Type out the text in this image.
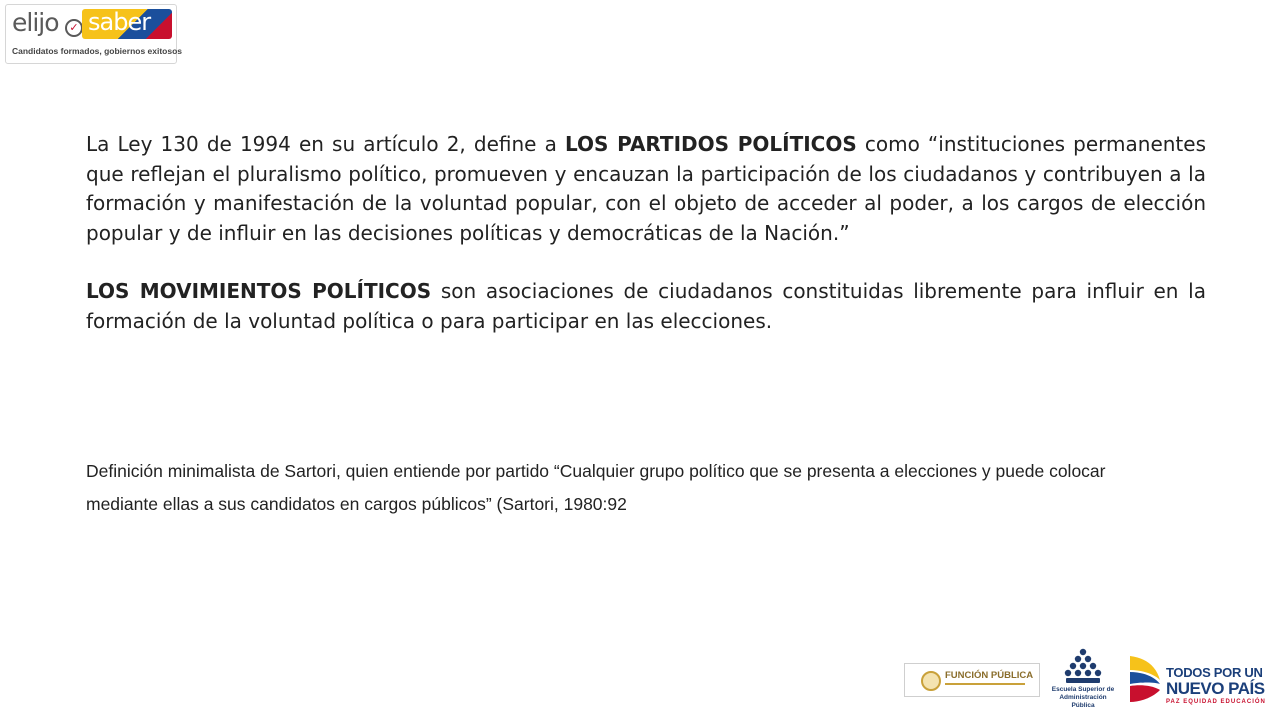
elijo ✓ saber
Candidatos formados, gobiernos exitosos

La Ley 130 de 1994 en su artículo 2, define a LOS PARTIDOS POLÍTICOS como “instituciones permanentes que reflejan el pluralismo político, promueven y encauzan la participación de los ciudadanos y contribuyen a la formación y manifestación de la voluntad popular, con el objeto de acceder al poder, a los cargos de elección popular y de influir en las decisiones políticas y democráticas de la Nación.”

LOS MOVIMIENTOS POLÍTICOS son asociaciones de ciudadanos constituidas libremente para influir en la formación de la voluntad política o para participar en las elecciones.

Definición minimalista de Sartori, quien entiende por partido “Cualquier grupo político que se presenta a elecciones y puede colocar mediante ellas a sus candidatos en cargos públicos” (Sartori, 1980:92

FUNCIÓN PÚBLICA
Escuela Superior de Administración Pública
TODOS POR UN
NUEVO PAÍS
PAZ EQUIDAD EDUCACIÓN
